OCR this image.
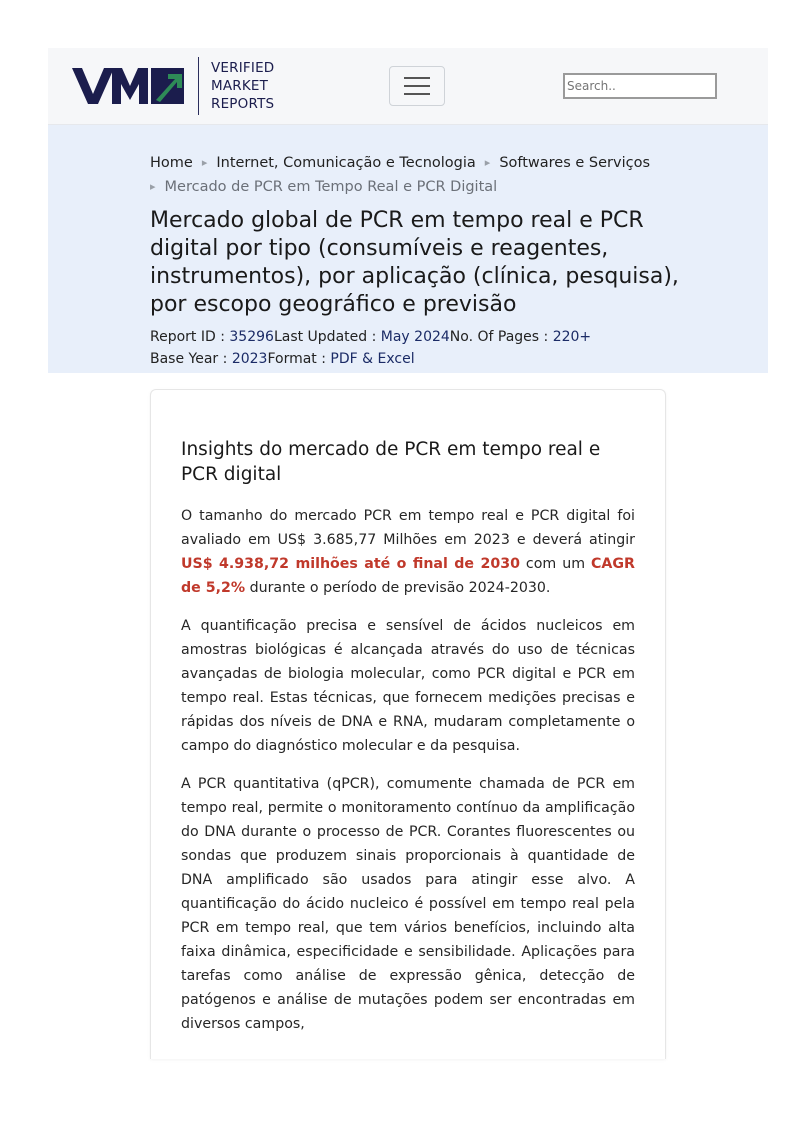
VERIFIED
MARKET
REPORTS
Search..
Home ▸ Internet, Comunicação e Tecnologia ▸ Softwares e Serviços
▸ Mercado de PCR em Tempo Real e PCR Digital
Mercado global de PCR em tempo real e PCR digital por tipo (consumíveis e reagentes, instrumentos), por aplicação (clínica, pesquisa), por escopo geográfico e previsão
Report ID : 35296Last Updated : May 2024No. Of Pages : 220+
Base Year : 2023Format : PDF & Excel
Insights do mercado de PCR em tempo real e PCR digital

O tamanho do mercado PCR em tempo real e PCR digital foi avaliado em US$ 3.685,77 Milhões em 2023 e deverá atingir US$ 4.938,72 milhões até o final de 2030 com um CAGR de 5,2% durante o período de previsão 2024-2030.

A quantificação precisa e sensível de ácidos nucleicos em amostras biológicas é alcançada através do uso de técnicas avançadas de biologia molecular, como PCR digital e PCR em tempo real. Estas técnicas, que fornecem medições precisas e rápidas dos níveis de DNA e RNA, mudaram completamente o campo do diagnóstico molecular e da pesquisa.

A PCR quantitativa (qPCR), comumente chamada de PCR em tempo real, permite o monitoramento contínuo da amplificação do DNA durante o processo de PCR. Corantes fluorescentes ou sondas que produzem sinais proporcionais à quantidade de DNA amplificado são usados para atingir esse alvo. A quantificação do ácido nucleico é possível em tempo real pela PCR em tempo real, que tem vários benefícios, incluindo alta faixa dinâmica, especificidade e sensibilidade. Aplicações para tarefas como análise de expressão gênica, detecção de patógenos e análise de mutações podem ser encontradas em diversos campos,
